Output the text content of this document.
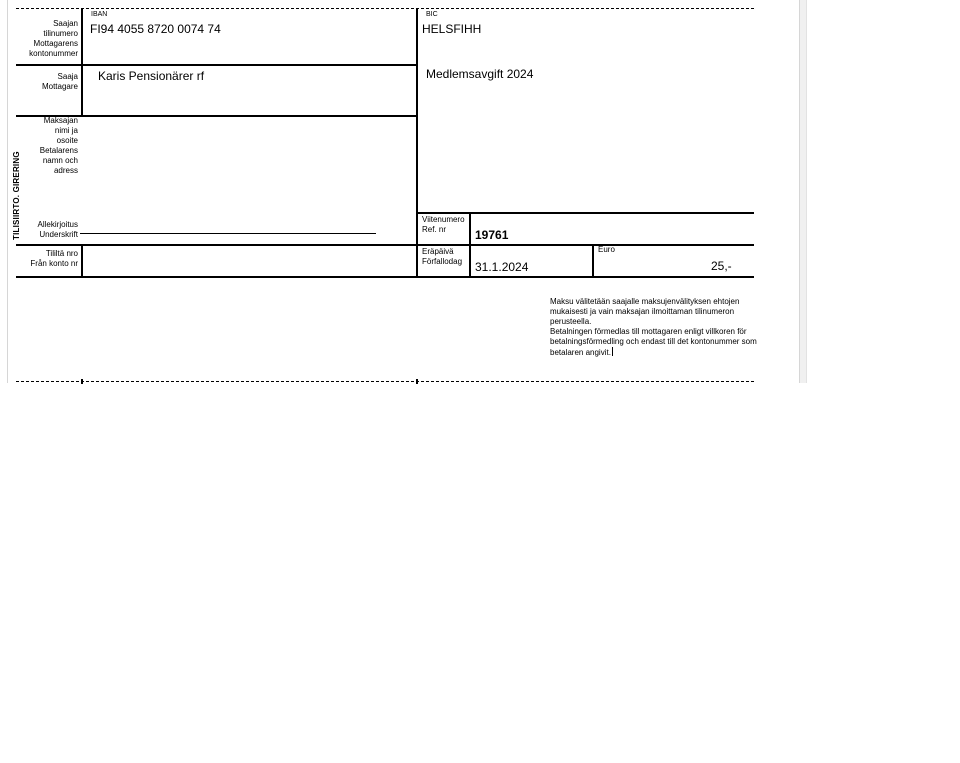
TILISIIRTO. GIRERING
Saajan
tilinumero
Mottagarens
kontonummer
IBAN
FI94 4055 8720 0074 74
BIC
HELSFIHH
Saaja
Mottagare
Karis Pensionärer rf	Medlemsavgift 2024
Maksajan
nimi ja
osoite
Betalarens
namn och
adress
Allekirjoitus
Underskrift
Viitenumero
Ref. nr	19761
Tililtä nro
Från konto nr
Eräpäivä
Förfallodag 31.1.2024
Euro
25,-
Maksu välitetään saajalle maksujenvälityksen ehtojen
mukaisesti ja vain maksajan ilmoittaman tilinumeron
perusteella.
Betalningen förmedlas till mottagaren enligt villkoren för
betalningsförmedling och endast till det kontonummer som
betalaren angivit.
